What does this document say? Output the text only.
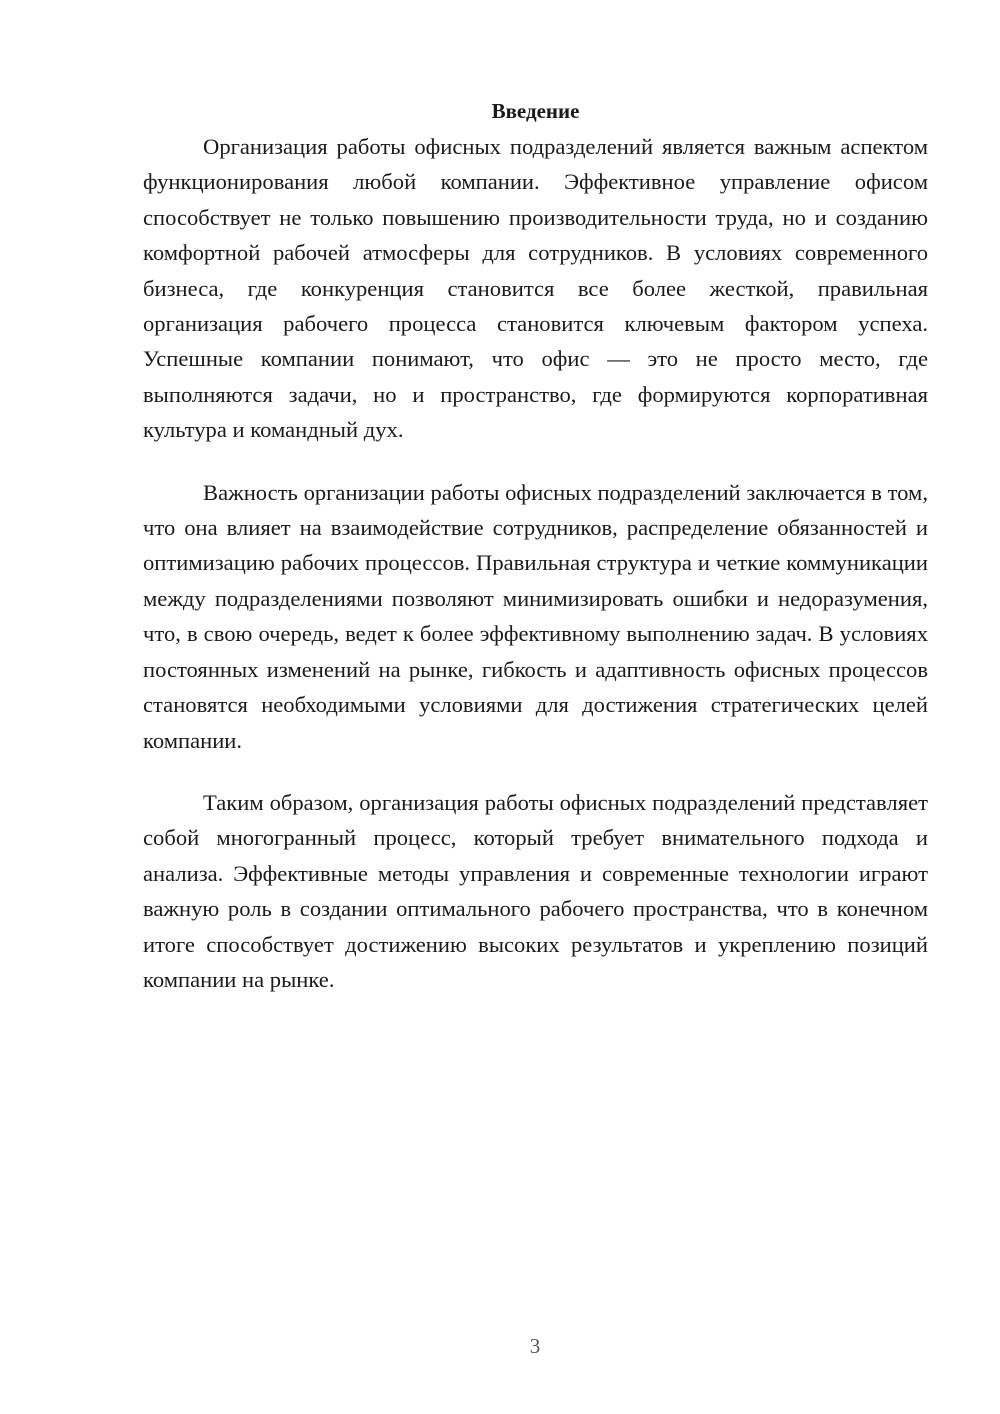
Введение

Организация работы офисных подразделений является важным аспектом функционирования любой компании. Эффективное управление офисом способствует не только повышению производительности труда, но и созданию комфортной рабочей атмосферы для сотрудников. В условиях современного бизнеса, где конкуренция становится все более жесткой, правильная организация рабочего процесса становится ключевым фактором успеха. Успешные компании понимают, что офис — это не просто место, где выполняются задачи, но и пространство, где формируются корпоративная культура и командный дух.

Важность организации работы офисных подразделений заключается в том, что она влияет на взаимодействие сотрудников, распределение обязанностей и оптимизацию рабочих процессов. Правильная структура и четкие коммуникации между подразделениями позволяют минимизировать ошибки и недоразумения, что, в свою очередь, ведет к более эффективному выполнению задач. В условиях постоянных изменений на рынке, гибкость и адаптивность офисных процессов становятся необходимыми условиями для достижения стратегических целей компании.

Таким образом, организация работы офисных подразделений представляет собой многогранный процесс, который требует внимательного подхода и анализа. Эффективные методы управления и современные технологии играют важную роль в создании оптимального рабочего пространства, что в конечном итоге способствует достижению высоких результатов и укреплению позиций компании на рынке.

3
